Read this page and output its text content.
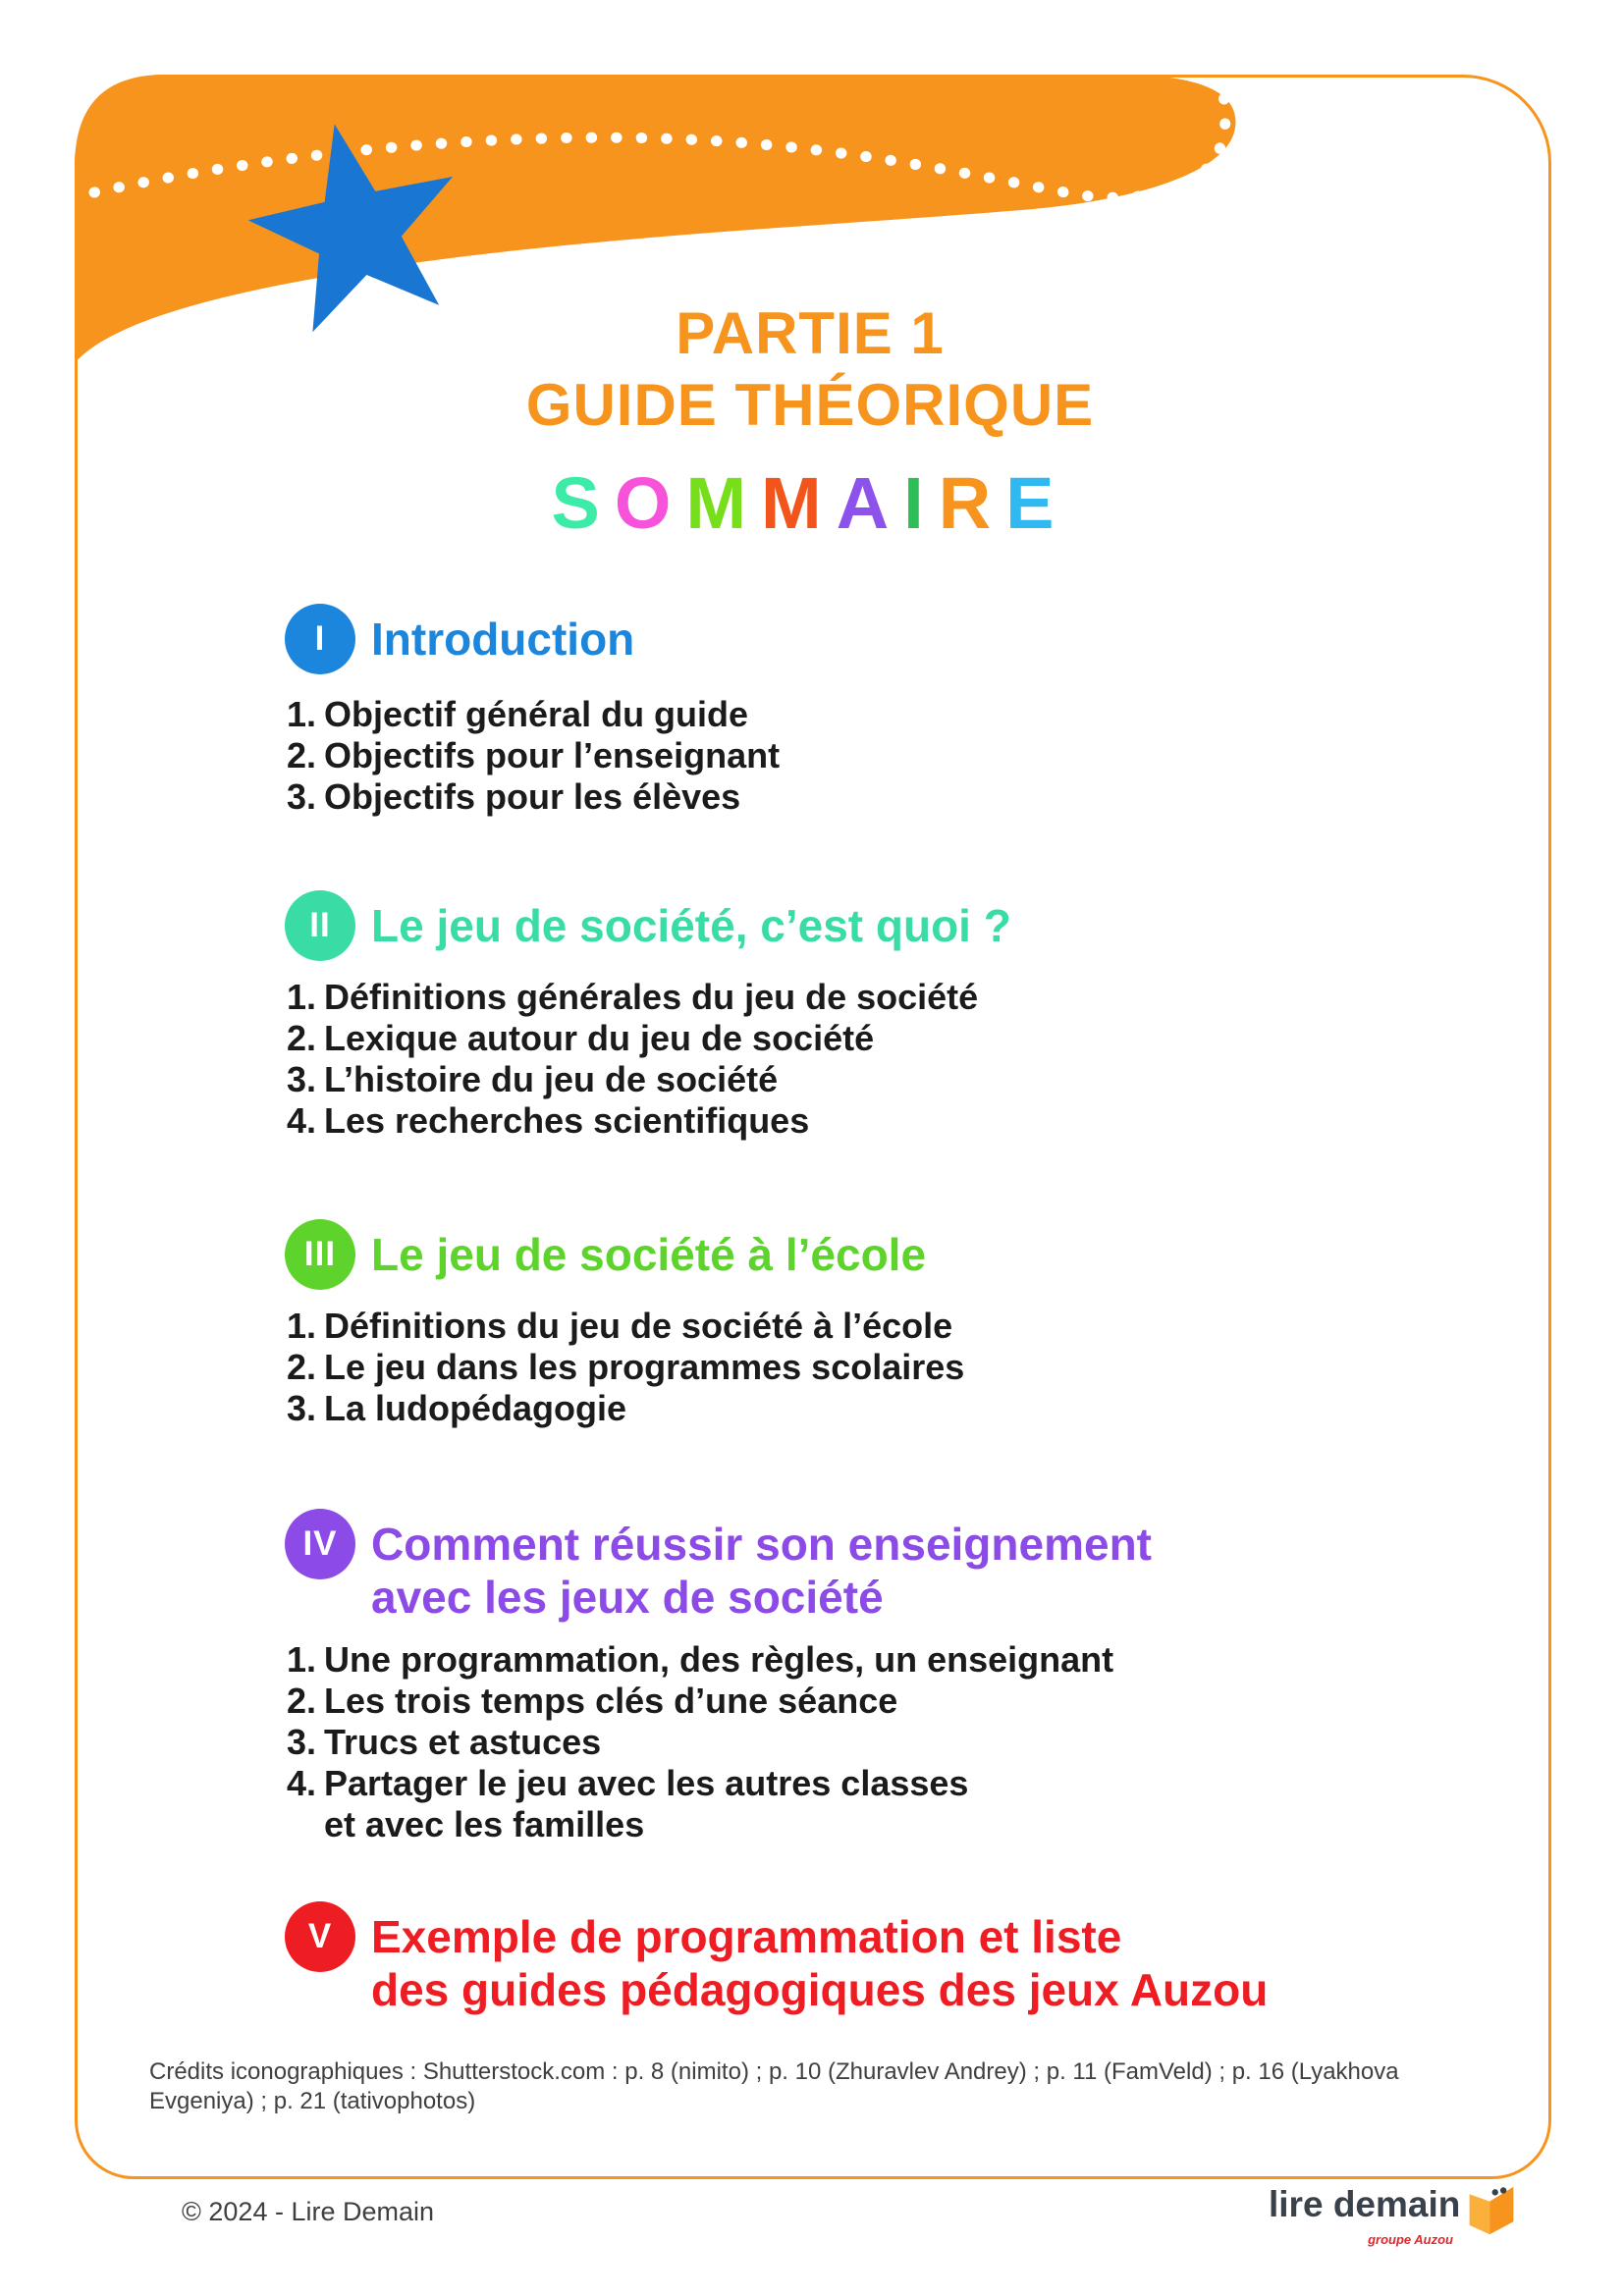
PARTIE 1
GUIDE THÉORIQUE
SOMMAIRE
I	Introduction
1. Objectif général du guide
2. Objectifs pour l’enseignant
3. Objectifs pour les élèves
II Le jeu de société, c’est quoi ?
1. Définitions générales du jeu de société
2. Lexique autour du jeu de société
3. L’histoire du jeu de société
4. Les recherches scientifiques
III Le jeu de société à l’école
1. Définitions du jeu de société à l’école
2. Le jeu dans les programmes scolaires
3. La ludopédagogie
IV Comment réussir son enseignement
avec les jeux de société
1. Une programmation, des règles, un enseignant
2. Les trois temps clés d’une séance
3. Trucs et astuces
4. Partager le jeu avec les autres classes
et avec les familles
V Exemple de programmation et liste
des guides pédagogiques des jeux Auzou

Crédits iconographiques : Shutterstock.com : p. 8 (nimito) ; p. 10 (Zhuravlev Andrey) ; p. 11 (FamVeld) ; p. 16 (Lyakhova
Evgeniya) ; p. 21 (tativophotos)

© 2024 - Lire Demain	lire demain
groupe Auzou
